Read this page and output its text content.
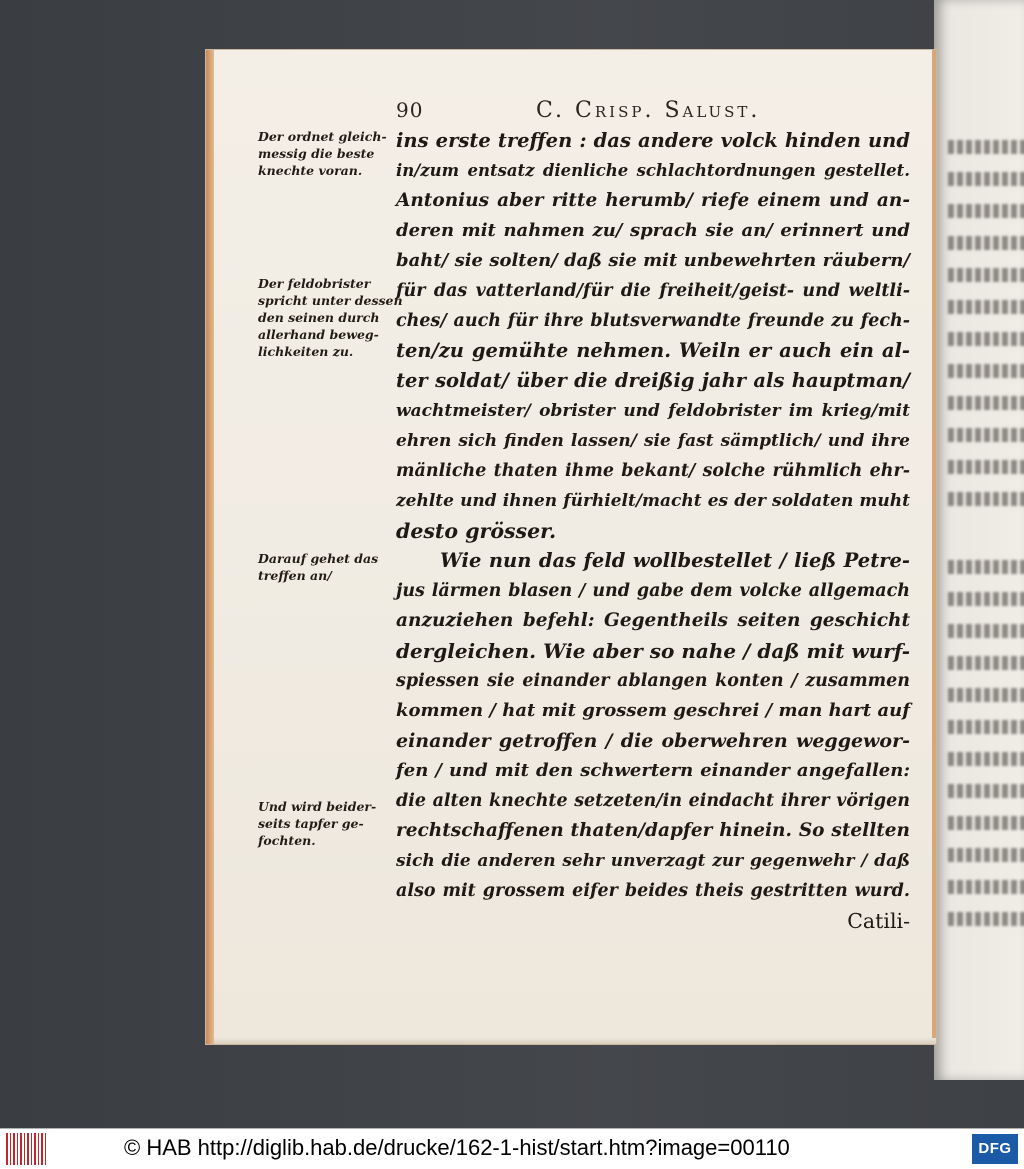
90	C. Crisp. Salust.
Der ordnet gleich-
messig die beste
knechte voran.
Der feldobrister
spricht unter dessen
den seinen durch
allerhand beweg-
lichkeiten zu.
Darauf gehet das
treffen an/
Und wird beider-
seits tapfer ge-
fochten.
ins erste treffen : das andere volck hinden und
in/zum entsatz dienliche schlachtordnungen gestellet.
Antonius aber ritte herumb/ riefe einem und an-
deren mit nahmen zu/ sprach sie an/ erinnert und
baht/ sie solten/ daß sie mit unbewehrten räubern/
für das vatterland/für die freiheit/geist- und weltli-
ches/ auch für ihre blutsverwandte freunde zu fech-
ten/zu gemühte nehmen. Weiln er auch ein al-
ter soldat/ über die dreißig jahr als hauptman/
wachtmeister/ obrister und feldobrister im krieg/mit
ehren sich finden lassen/ sie fast sämptlich/ und ihre
mänliche thaten ihme bekant/ solche rühmlich ehr-
zehlte und ihnen fürhielt/macht es der soldaten muht
desto grösser.
Wie nun das feld wollbestellet / ließ Petre-
jus lärmen blasen / und gabe dem volcke allgemach
anzuziehen befehl: Gegentheils seiten geschicht
dergleichen. Wie aber so nahe / daß mit wurf-
spiessen sie einander ablangen konten / zusammen
kommen / hat mit grossem geschrei / man hart auf
einander getroffen / die oberwehren weggewor-
fen / und mit den schwertern einander angefallen:
die alten knechte setzeten/in eindacht ihrer vörigen
rechtschaffenen thaten/dapfer hinein. So stellten
sich die anderen sehr unverzagt zur gegenwehr / daß
also mit grossem eifer beides theis gestritten wurd.
Catili-
© HAB http://diglib.hab.de/drucke/162-1-hist/start.htm?image=00110	DFG
